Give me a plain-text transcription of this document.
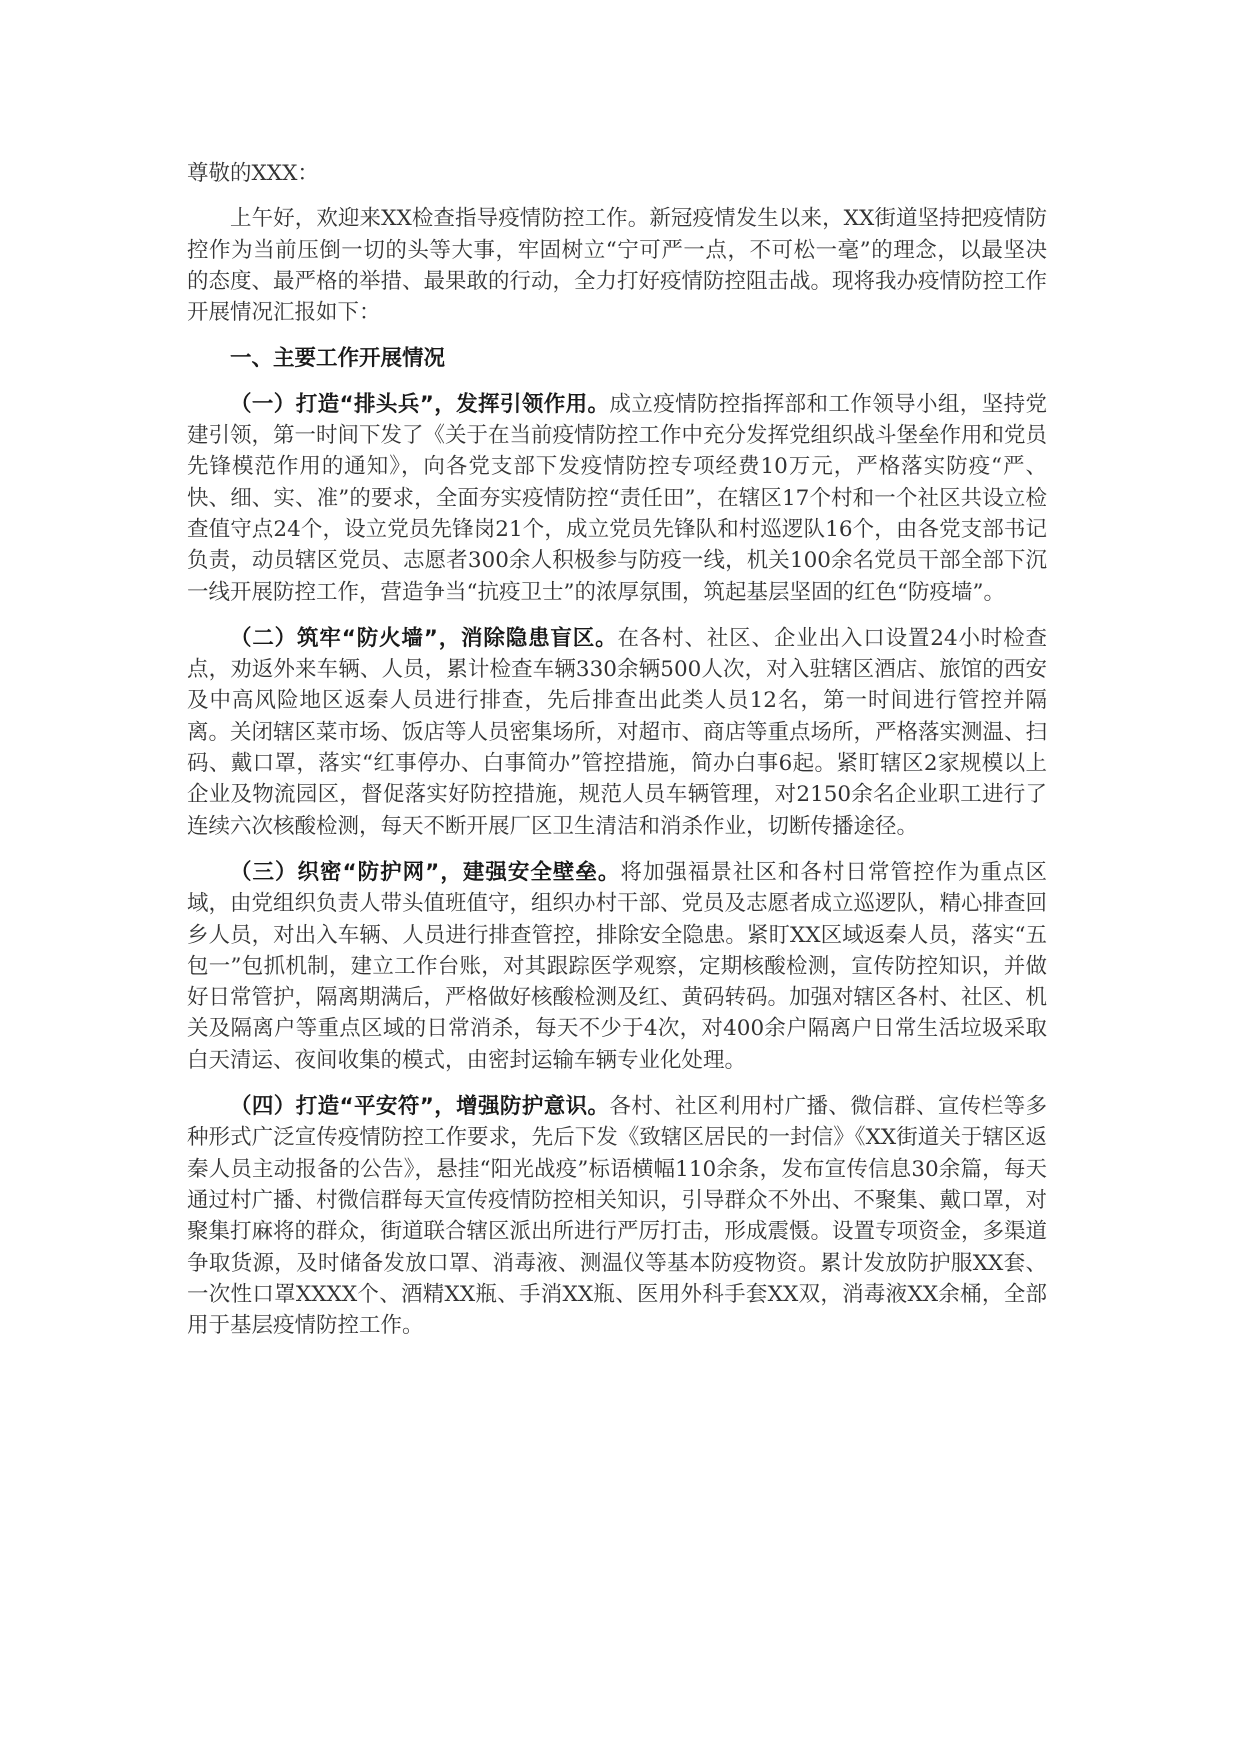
尊敬的XXX：

上午好，欢迎来XX检查指导疫情防控工作。新冠疫情发生以来，XX街道坚持把疫情防控作为当前压倒一切的头等大事，牢固树立“宁可严一点，不可松一毫”的理念，以最坚决的态度、最严格的举措、最果敢的行动，全力打好疫情防控阻击战。现将我办疫情防控工作开展情况汇报如下：

一、主要工作开展情况

（一）打造“排头兵”，发挥引领作用。成立疫情防控指挥部和工作领导小组，坚持党建引领，第一时间下发了《关于在当前疫情防控工作中充分发挥党组织战斗堡垒作用和党员先锋模范作用的通知》，向各党支部下发疫情防控专项经费10万元，严格落实防疫“严、快、细、实、准”的要求，全面夯实疫情防控“责任田”，在辖区17个村和一个社区共设立检查值守点24个，设立党员先锋岗21个，成立党员先锋队和村巡逻队16个，由各党支部书记负责，动员辖区党员、志愿者300余人积极参与防疫一线，机关100余名党员干部全部下沉一线开展防控工作，营造争当“抗疫卫士”的浓厚氛围，筑起基层坚固的红色“防疫墙”。

（二）筑牢“防火墙”，消除隐患盲区。在各村、社区、企业出入口设置24小时检查点，劝返外来车辆、人员，累计检查车辆330余辆500人次，对入驻辖区酒店、旅馆的西安及中高风险地区返秦人员进行排查，先后排查出此类人员12名，第一时间进行管控并隔离。关闭辖区菜市场、饭店等人员密集场所，对超市、商店等重点场所，严格落实测温、扫码、戴口罩，落实“红事停办、白事简办”管控措施，简办白事6起。紧盯辖区2家规模以上企业及物流园区，督促落实好防控措施，规范人员车辆管理，对2150余名企业职工进行了连续六次核酸检测，每天不断开展厂区卫生清洁和消杀作业，切断传播途径。

（三）织密“防护网”，建强安全壁垒。将加强福景社区和各村日常管控作为重点区域，由党组织负责人带头值班值守，组织办村干部、党员及志愿者成立巡逻队，精心排查回乡人员，对出入车辆、人员进行排查管控，排除安全隐患。紧盯XX区域返秦人员，落实“五包一”包抓机制，建立工作台账，对其跟踪医学观察，定期核酸检测，宣传防控知识，并做好日常管护，隔离期满后，严格做好核酸检测及红、黄码转码。加强对辖区各村、社区、机关及隔离户等重点区域的日常消杀，每天不少于4次，对400余户隔离户日常生活垃圾采取白天清运、夜间收集的模式，由密封运输车辆专业化处理。

（四）打造“平安符”，增强防护意识。各村、社区利用村广播、微信群、宣传栏等多种形式广泛宣传疫情防控工作要求，先后下发《致辖区居民的一封信》《XX街道关于辖区返秦人员主动报备的公告》，悬挂“阳光战疫”标语横幅110余条，发布宣传信息30余篇，每天通过村广播、村微信群每天宣传疫情防控相关知识，引导群众不外出、不聚集、戴口罩，对聚集打麻将的群众，街道联合辖区派出所进行严厉打击，形成震慑。设置专项资金，多渠道争取货源，及时储备发放口罩、消毒液、测温仪等基本防疫物资。累计发放防护服XX套、一次性口罩XXXX个、酒精XX瓶、手消XX瓶、医用外科手套XX双，消毒液XX余桶，全部用于基层疫情防控工作。
